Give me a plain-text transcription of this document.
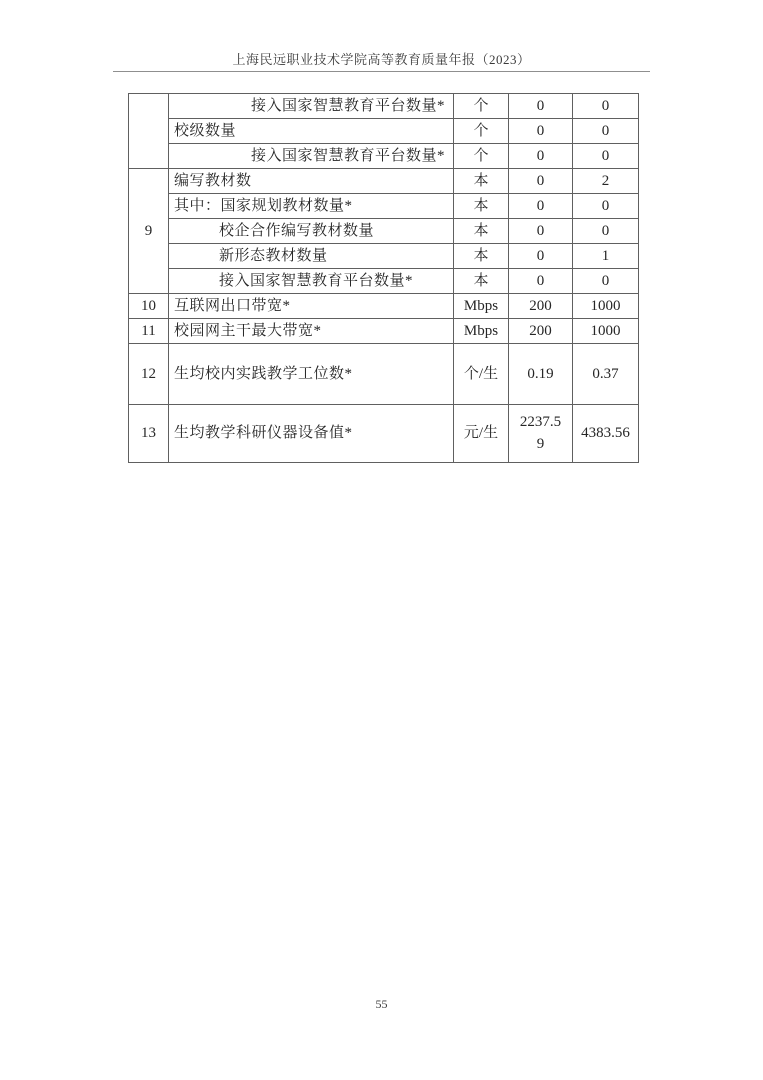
上海民远职业技术学院高等教育质量年报（2023）
	接入国家智慧教育平台数量*	个	0	0
	校级数量	个	0	0
	接入国家智慧教育平台数量*	个	0	0
9	编写教材数	本	0	2
	其中：国家规划教材数量*	本	0	0
	校企合作编写教材数量	本	0	0
	新形态教材数量	本	0	1
	接入国家智慧教育平台数量*	本	0	0
10	互联网出口带宽*	Mbps	200	1000
11	校园网主干最大带宽*	Mbps	200	1000
12	生均校内实践教学工位数*	个/生	0.19	0.37
13	生均教学科研仪器设备值*	元/生	2237.59	4383.56
55
